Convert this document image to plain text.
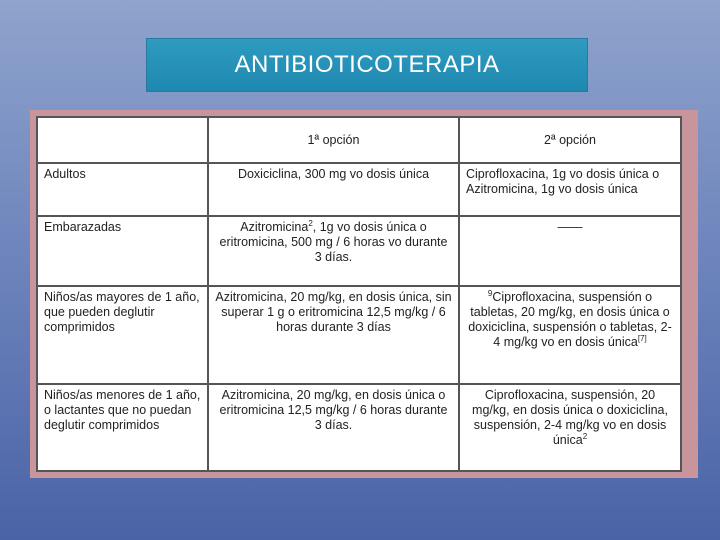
ANTIBIOTICOTERAPIA
	1ª opción	2ª opción
Adultos	Doxiciclina, 300 mg vo dosis única	Ciprofloxacina, 1g vo dosis única o Azitromicina, 1g vo dosis única
Embarazadas	Azitromicina$^2$, 1g vo dosis única o eritromicina, 500 mg / 6 horas vo durante 3 días.	——
Niños/as mayores de 1 año, que pueden deglutir comprimidos	Azitromicina, 20 mg/kg, en dosis única, sin superar 1 g o eritromicina 12,5 mg/kg / 6 horas durante 3 días	$^9$Ciprofloxacina, suspensión o tabletas, 20 mg/kg, en dosis única o doxiciclina, suspensión o tabletas, 2-4 mg/kg vo en dosis única[7]
Niños/as menores de 1 año, o lactantes que no puedan deglutir comprimidos	Azitromicina, 20 mg/kg, en dosis única o eritromicina 12,5 mg/kg / 6 horas durante 3 días.	Ciprofloxacina, suspensión, 20 mg/kg, en dosis única o doxiciclina, suspensión, 2-4 mg/kg vo en dosis única$^2$
